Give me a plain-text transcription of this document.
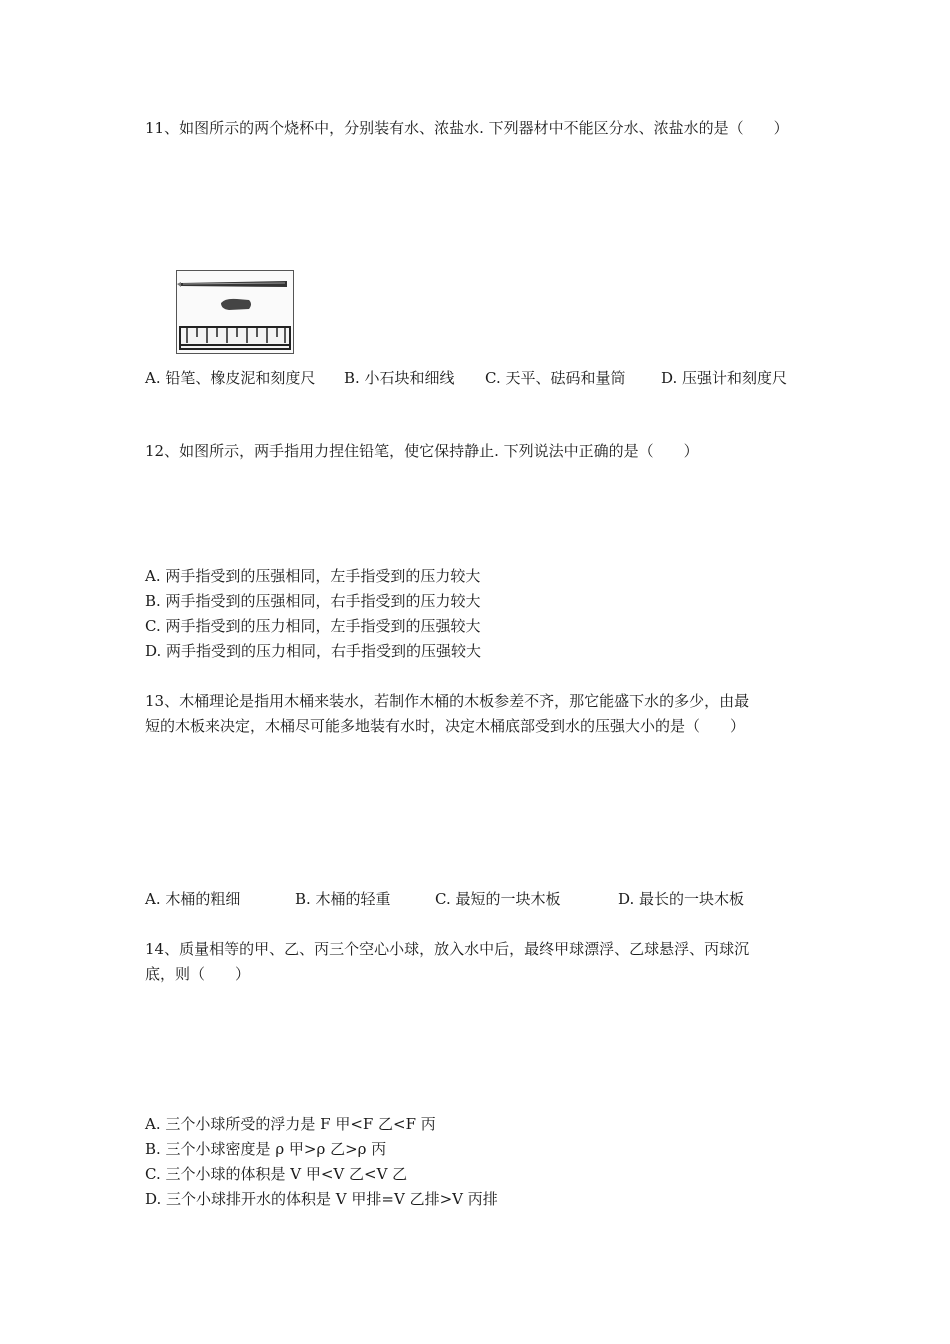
11、如图所示的两个烧杯中，分别装有水、浓盐水. 下列器材中不能区分水、浓盐水的是（　　）
A. 铅笔、橡皮泥和刻度尺 B. 小石块和细线 C. 天平、砝码和量筒 D. 压强计和刻度尺
12、如图所示，两手指用力捏住铅笔，使它保持静止. 下列说法中正确的是（　　）
A. 两手指受到的压强相同，左手指受到的压力较大
B. 两手指受到的压强相同，右手指受到的压力较大
C. 两手指受到的压力相同，左手指受到的压强较大
D. 两手指受到的压力相同，右手指受到的压强较大
13、木桶理论是指用木桶来装水，若制作木桶的木板参差不齐，那它能盛下水的多少，由最
短的木板来决定，木桶尽可能多地装有水时，决定木桶底部受到水的压强大小的是（　　）
A. 木桶的粗细	B. 木桶的轻重	C. 最短的一块木板	D. 最长的一块木板
14、质量相等的甲、乙、丙三个空心小球，放入水中后，最终甲球漂浮、乙球悬浮、丙球沉
底，则（　　）
A. 三个小球所受的浮力是 F 甲<F 乙<F 丙
B. 三个小球密度是 ρ 甲>ρ 乙>ρ 丙
C. 三个小球的体积是 V 甲<V 乙<V 乙
D. 三个小球排开水的体积是 V 甲排=V 乙排>V 丙排
